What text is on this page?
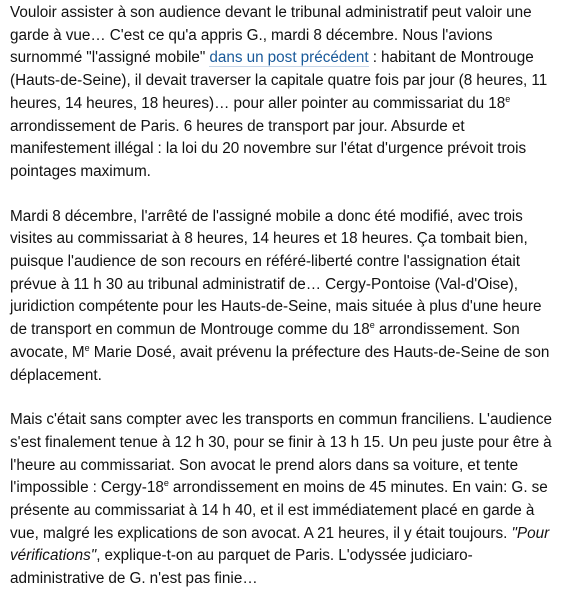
Vouloir assister à son audience devant le tribunal administratif peut valoir une garde à vue… C'est ce qu'a appris G., mardi 8 décembre. Nous l'avions surnommé "l'assigné mobile" dans un post précédent : habitant de Montrouge (Hauts-de-Seine), il devait traverser la capitale quatre fois par jour (8 heures, 11 heures, 14 heures, 18 heures)… pour aller pointer au commissariat du 18e arrondissement de Paris. 6 heures de transport par jour. Absurde et manifestement illégal : la loi du 20 novembre sur l'état d'urgence prévoit trois pointages maximum.

Mardi 8 décembre, l'arrêté de l'assigné mobile a donc été modifié, avec trois visites au commissariat à 8 heures, 14 heures et 18 heures. Ça tombait bien, puisque l'audience de son recours en référé-liberté contre l'assignation était prévue à 11 h 30 au tribunal administratif de… Cergy-Pontoise (Val-d'Oise), juridiction compétente pour les Hauts-de-Seine, mais située à plus d'une heure de transport en commun de Montrouge comme du 18e arrondissement. Son avocate, Me Marie Dosé, avait prévenu la préfecture des Hauts-de-Seine de son déplacement.

Mais c'était sans compter avec les transports en commun franciliens. L'audience s'est finalement tenue à 12 h 30, pour se finir à 13 h 15. Un peu juste pour être à l'heure au commissariat. Son avocat le prend alors dans sa voiture, et tente l'impossible : Cergy-18e arrondissement en moins de 45 minutes. En vain: G. se présente au commissariat à 14 h 40, et il est immédiatement placé en garde à vue, malgré les explications de son avocat. A 21 heures, il y était toujours. "Pour vérifications", explique-t-on au parquet de Paris. L'odyssée judiciaro-administrative de G. n'est pas finie…
